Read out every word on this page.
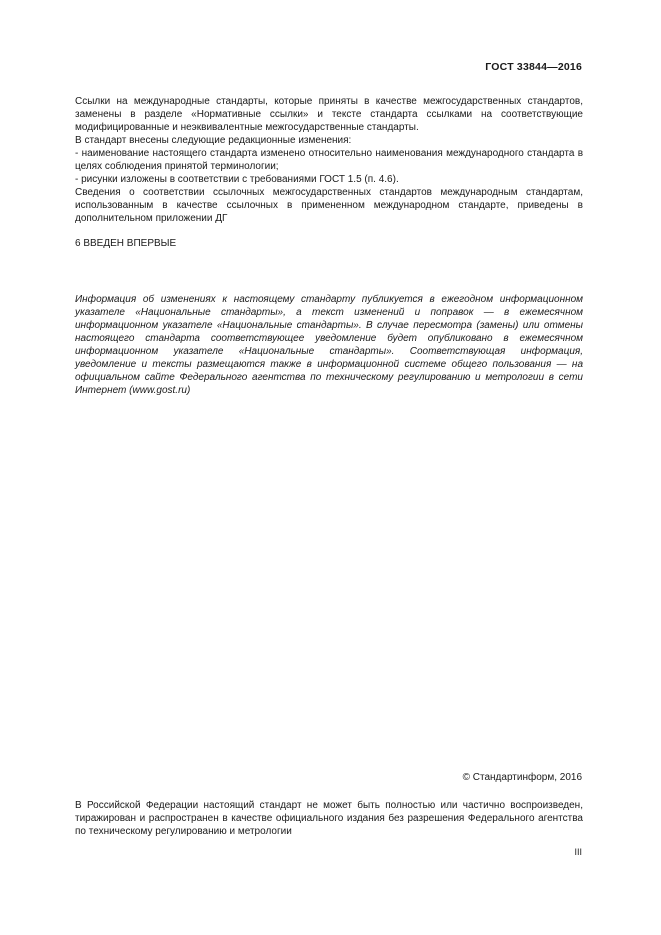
ГОСТ 33844—2016

Ссылки на международные стандарты, которые приняты в качестве межгосударственных стандартов, заменены в разделе «Нормативные ссылки» и тексте стандарта ссылками на соответствующие модифицированные и неэквивалентные межгосударственные стандарты.

В стандарт внесены следующие редакционные изменения:

- наименование настоящего стандарта изменено относительно наименования международного стандарта в целях соблюдения принятой терминологии;

- рисунки изложены в соответствии с требованиями ГОСТ 1.5 (п. 4.6).

Сведения о соответствии ссылочных межгосударственных стандартов международным стандартам, использованным в качестве ссылочных в примененном международном стандарте, приведены в дополнительном приложении ДГ

6 ВВЕДЕН ВПЕРВЫЕ
Информация об изменениях к настоящему стандарту публикуется в ежегодном информационном указателе «Национальные стандарты», а текст изменений и поправок — в ежемесячном информационном указателе «Национальные стандарты». В случае пересмотра (замены) или отмены настоящего стандарта соответствующее уведомление будет опубликовано в ежемесячном информационном указателе «Национальные стандарты». Соответствующая информация, уведомление и тексты размещаются также в информационной системе общего пользования — на официальном сайте Федерального агентства по техническому регулированию и метрологии в сети Интернет (www.gost.ru)
© Стандартинформ, 2016
В Российской Федерации настоящий стандарт не может быть полностью или частично воспроизведен, тиражирован и распространен в качестве официального издания без разрешения Федерального агентства по техническому регулированию и метрологии
III
